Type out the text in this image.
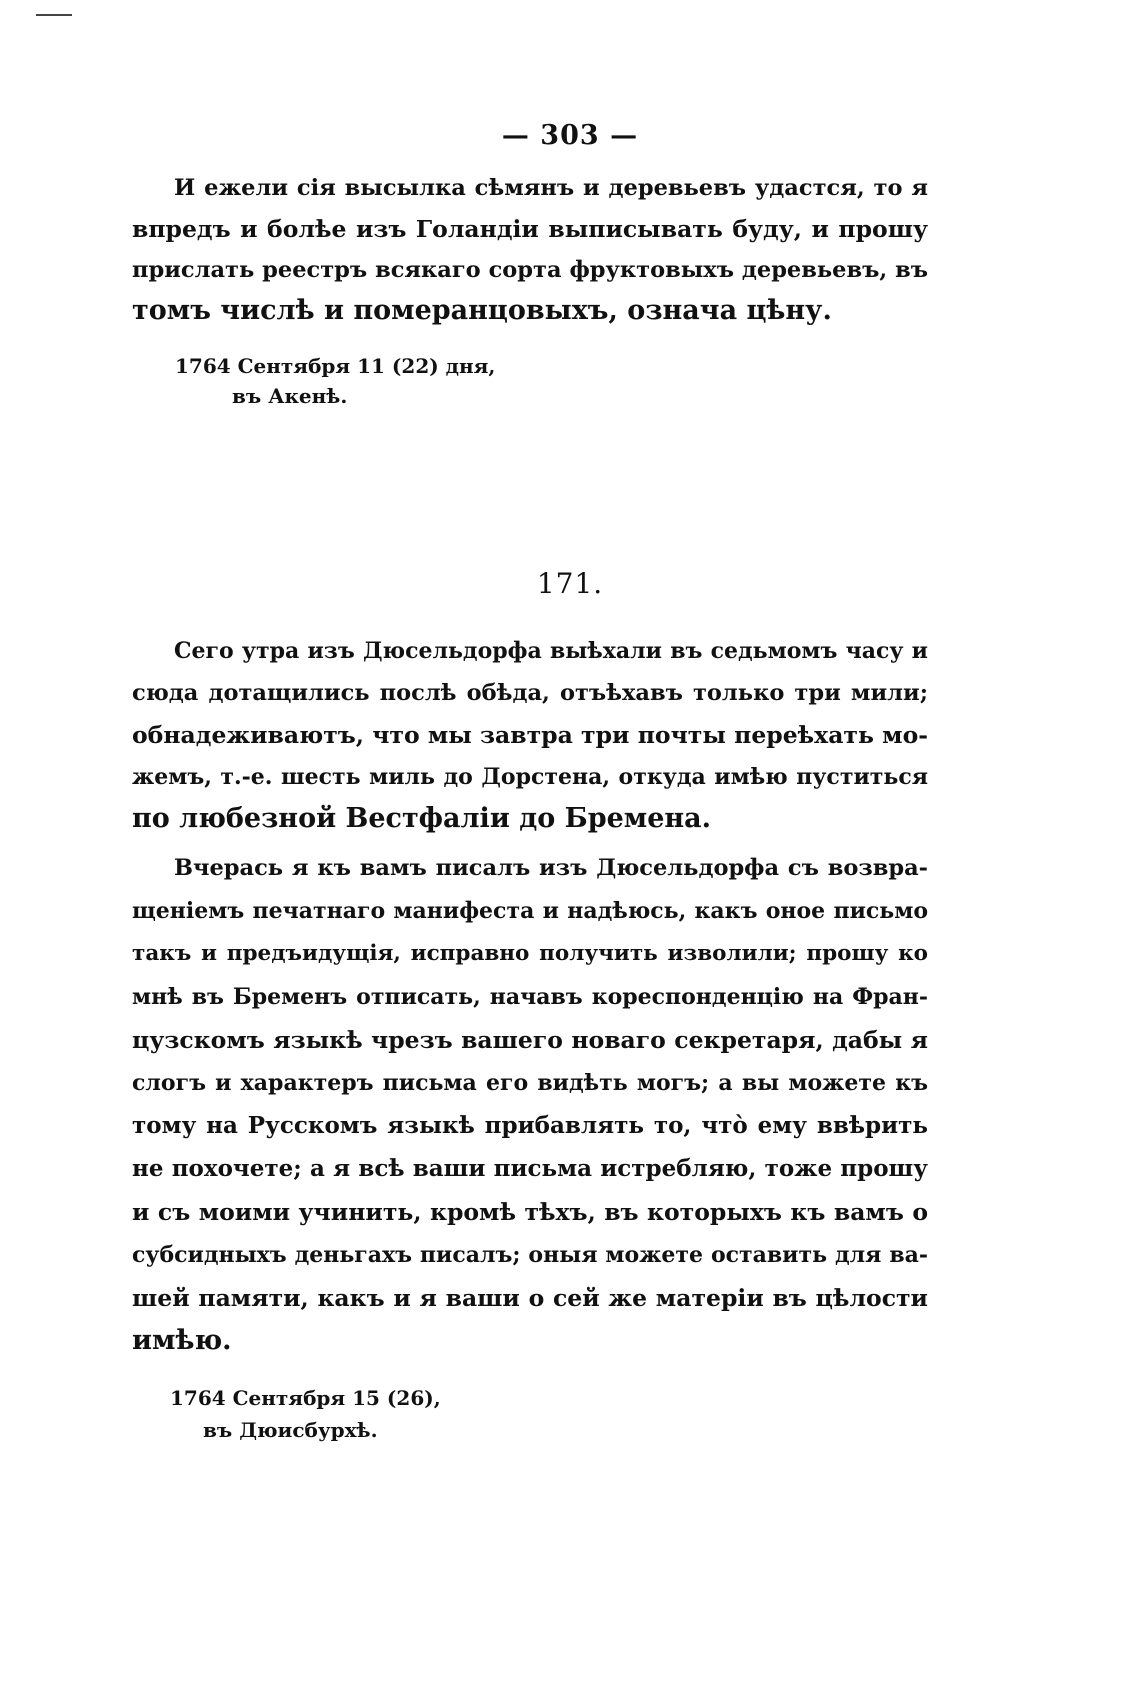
— 303 —
И ежели сія высылка сѣмянъ и деревьевъ удастся, то я
впредъ и болѣе изъ Голандіи выписывать буду, и прошу
прислать реестръ всякаго сорта фруктовыхъ деревьевъ, въ
томъ числѣ и померанцовыхъ, означа цѣну.
1764 Сентября 11 (22) дня,
въ Акенѣ.
171.
Сего утра изъ Дюсельдорфа выѣхали въ седьмомъ часу и
сюда дотащились послѣ обѣда, отъѣхавъ только три мили;
обнадеживаютъ, что мы завтра три почты переѣхать мо-
жемъ, т.-е. шесть миль до Дорстена, откуда имѣю пуститься
по любезной Вестфаліи до Бремена.
Вчерась я къ вамъ писалъ изъ Дюсельдорфа съ возвра-
щеніемъ печатнаго манифеста и надѣюсь, какъ оное письмо
такъ и предъидущія, исправно получить изволили; прошу ко
мнѣ въ Бременъ отписать, начавъ кореспонденцію на Фран-
цузскомъ языкѣ чрезъ вашего новаго секретаря, дабы я
слогъ и характеръ письма его видѣть могъ; а вы можете къ
тому на Русскомъ языкѣ прибавлять то, что̀ ему ввѣрить
не похочете; а я всѣ ваши письма истребляю, тоже прошу
и съ моими учинить, кромѣ тѣхъ, въ которыхъ къ вамъ о
субсидныхъ деньгахъ писалъ; оныя можете оставить для ва-
шей памяти, какъ и я ваши о сей же матеріи въ цѣлости
имѣю.
1764 Сентября 15 (26),
въ Дюисбурхѣ.
